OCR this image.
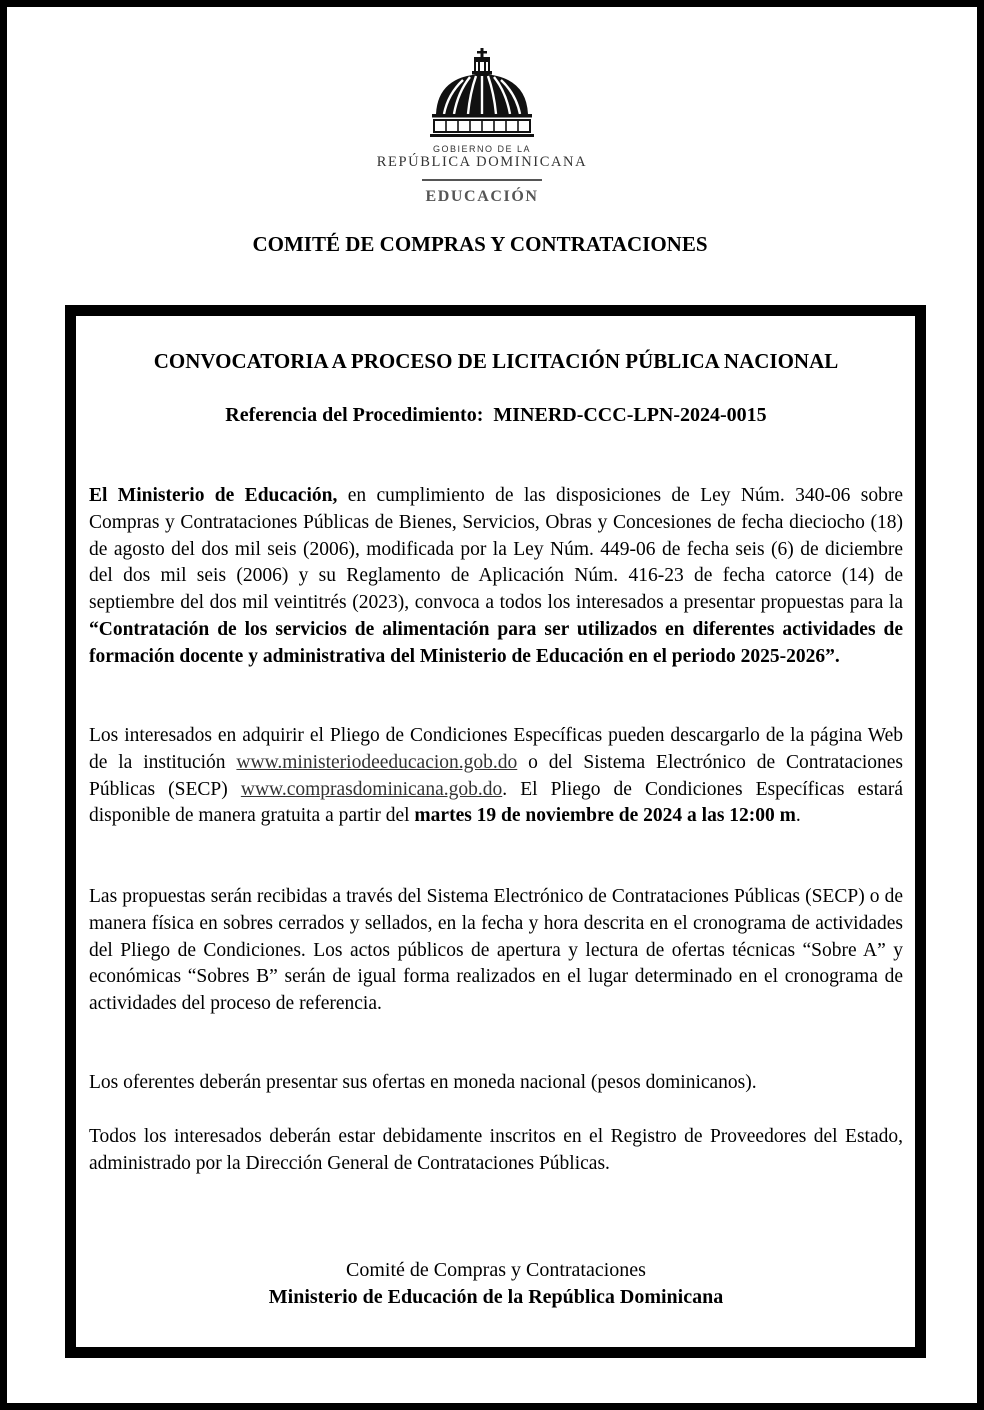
GOBIERNO DE LA
REPÚBLICA DOMINICANA
EDUCACIÓN
COMITÉ DE COMPRAS Y CONTRATACIONES
CONVOCATORIA A PROCESO DE LICITACIÓN PÚBLICA NACIONAL
Referencia del Procedimiento: MINERD-CCC-LPN-2024-0015

El Ministerio de Educación, en cumplimiento de las disposiciones de Ley Núm. 340-06 sobre Compras y Contrataciones Públicas de Bienes, Servicios, Obras y Concesiones de fecha dieciocho (18) de agosto del dos mil seis (2006), modificada por la Ley Núm. 449-06 de fecha seis (6) de diciembre del dos mil seis (2006) y su Reglamento de Aplicación Núm. 416-23 de fecha catorce (14) de septiembre del dos mil veintitrés (2023), convoca a todos los interesados a presentar propuestas para la “Contratación de los servicios de alimentación para ser utilizados en diferentes actividades de formación docente y administrativa del Ministerio de Educación en el periodo 2025-2026”.

Los interesados en adquirir el Pliego de Condiciones Específicas pueden descargarlo de la página Web de la institución www.ministeriodeeducacion.gob.do o del Sistema Electrónico de Contrataciones Públicas (SECP) www.comprasdominicana.gob.do. El Pliego de Condiciones Específicas estará disponible de manera gratuita a partir del martes 19 de noviembre de 2024 a las 12:00 m.

Las propuestas serán recibidas a través del Sistema Electrónico de Contrataciones Públicas (SECP) o de manera física en sobres cerrados y sellados, en la fecha y hora descrita en el cronograma de actividades del Pliego de Condiciones. Los actos públicos de apertura y lectura de ofertas técnicas “Sobre A” y económicas “Sobres B” serán de igual forma realizados en el lugar determinado en el cronograma de actividades del proceso de referencia.

Los oferentes deberán presentar sus ofertas en moneda nacional (pesos dominicanos).

Todos los interesados deberán estar debidamente inscritos en el Registro de Proveedores del Estado, administrado por la Dirección General de Contrataciones Públicas.

Comité de Compras y Contrataciones
Ministerio de Educación de la República Dominicana
